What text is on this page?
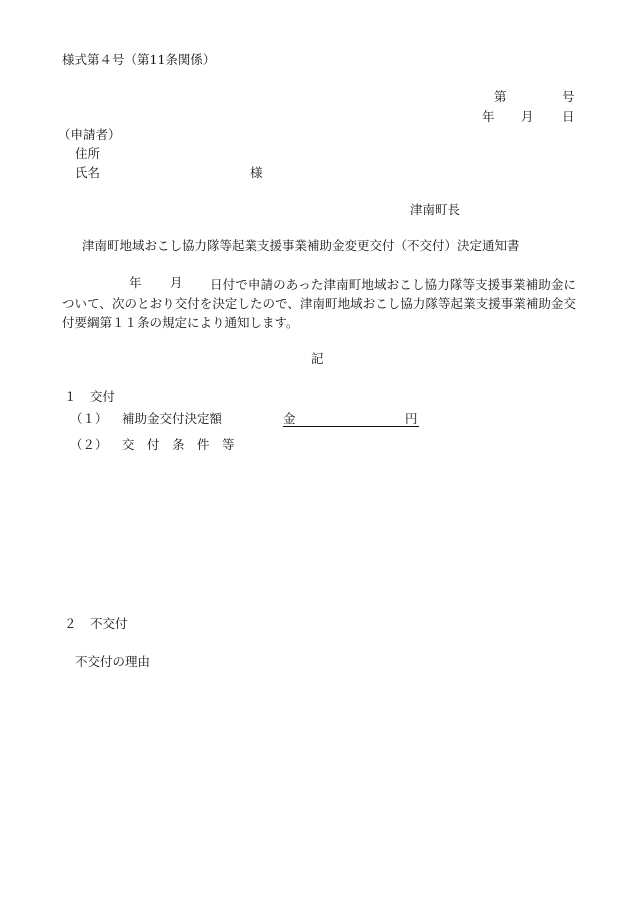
様式第４号（第11条関係）
第	号
年 月 日
（申請者）
住所
氏名	様
津南町長
津南町地域おこし協力隊等起業支援事業補助金変更交付（不交付）決定通知書
年 月	日付で申請のあった津南町地域おこし協力隊等支援事業補助金について、次のとおり交付を決定したので、津南町地域おこし協力隊等起業支援事業補助金交付要綱第１１条の規定により通知します。
記
１ 交付
（１） 補助金交付決定額	金	円
（２） 交　付　条　件　等
２ 不交付
不交付の理由
